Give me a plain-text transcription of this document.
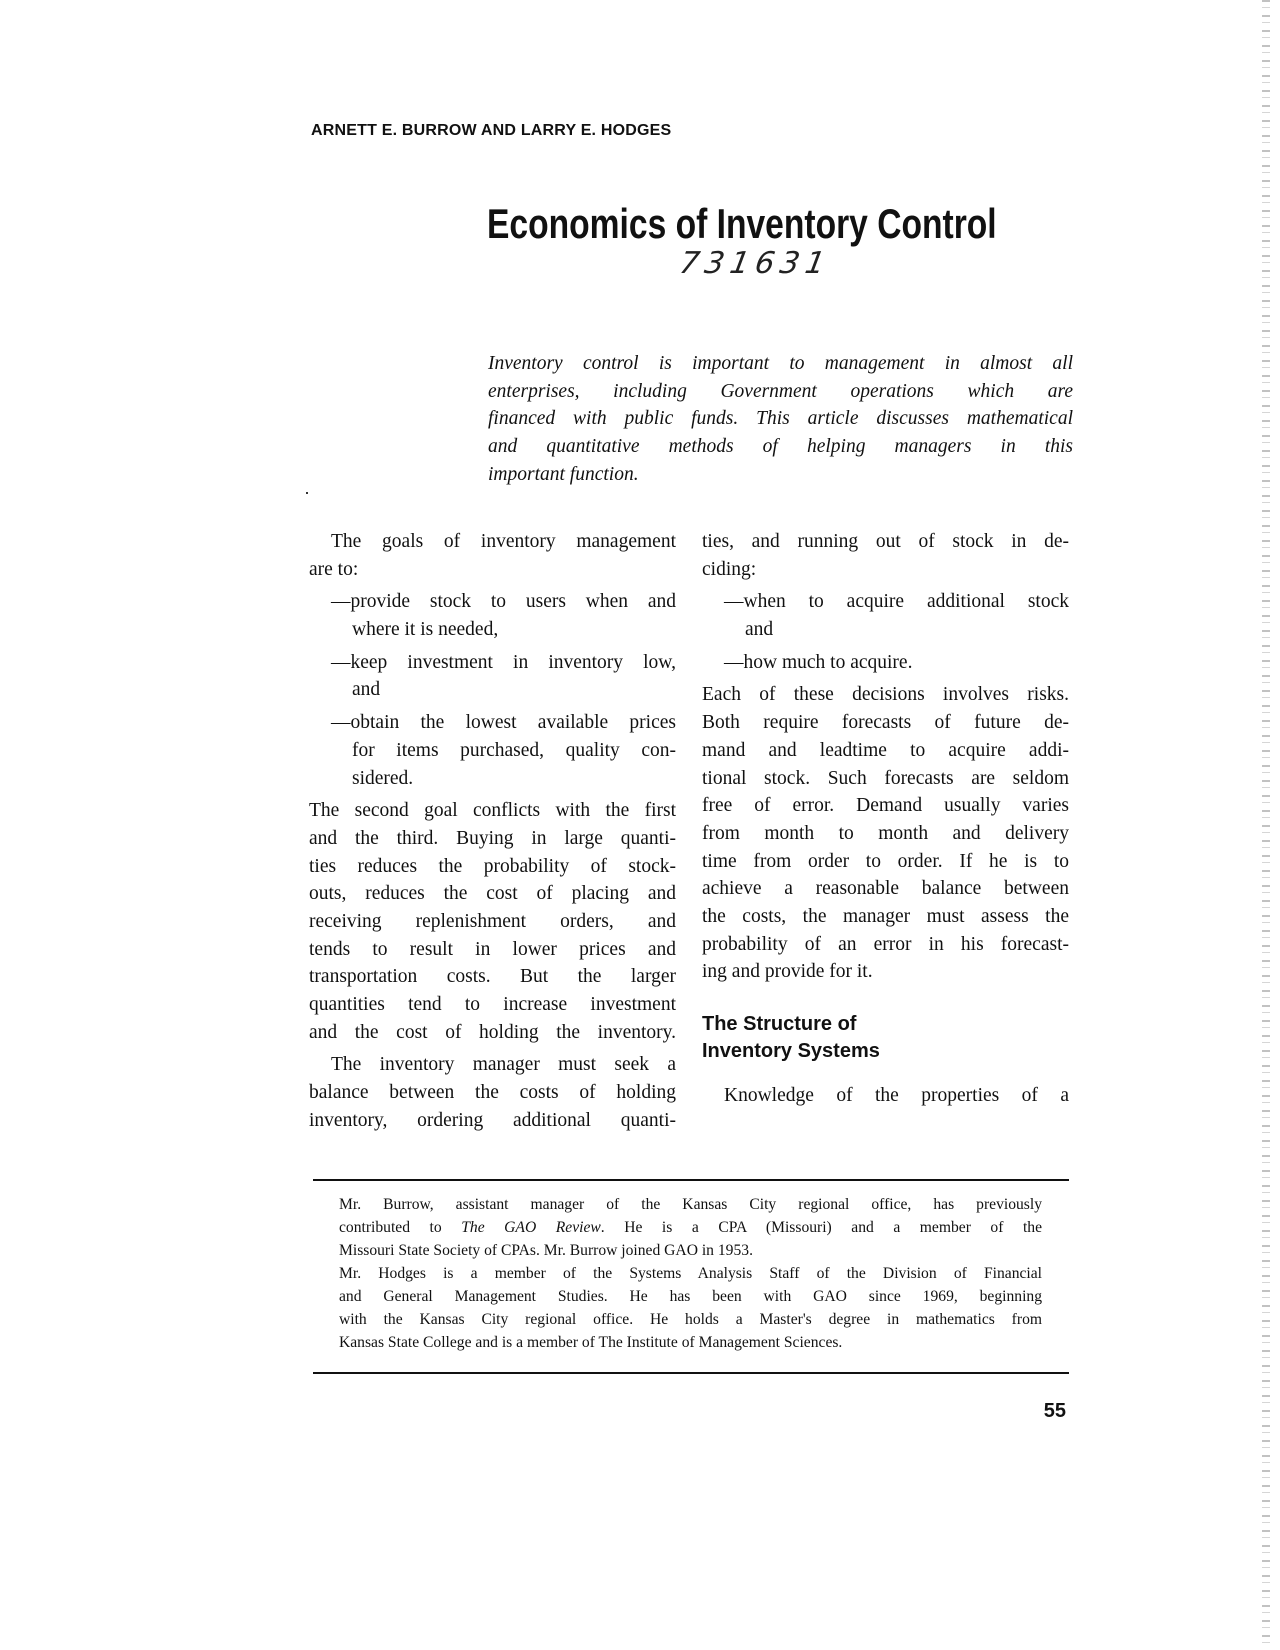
ARNETT E. BURROW AND LARRY E. HODGES
Economics of Inventory Control
731631
Inventory control is important to management in almost all
enterprises, including Government operations which are
financed with public funds. This article discusses mathematical
and quantitative methods of helping managers in this
important function.
The goals of inventory management
are to:
—provide stock to users when and
where it is needed,
—keep investment in inventory low,
and
—obtain the lowest available prices
for items purchased, quality con-
sidered.
The second goal conflicts with the first
and the third. Buying in large quanti-
ties reduces the probability of stock-
outs, reduces the cost of placing and
receiving replenishment orders, and
tends to result in lower prices and
transportation costs. But the larger
quantities tend to increase investment
and the cost of holding the inventory.
The inventory manager must seek a
balance between the costs of holding
inventory, ordering additional quanti-
ties, and running out of stock in de-
ciding:
—when to acquire additional stock
and
—how much to acquire.
Each of these decisions involves risks.
Both require forecasts of future de-
mand and leadtime to acquire addi-
tional stock. Such forecasts are seldom
free of error. Demand usually varies
from month to month and delivery
time from order to order. If he is to
achieve a reasonable balance between
the costs, the manager must assess the
probability of an error in his forecast-
ing and provide for it.
The Structure of
Inventory Systems
Knowledge of the properties of a
Mr. Burrow, assistant manager of the Kansas City regional office, has previously
contributed to The GAO Review. He is a CPA (Missouri) and a member of the
Missouri State Society of CPAs. Mr. Burrow joined GAO in 1953.
Mr. Hodges is a member of the Systems Analysis Staff of the Division of Financial
and General Management Studies. He has been with GAO since 1969, beginning
with the Kansas City regional office. He holds a Master's degree in mathematics from
Kansas State College and is a member of The Institute of Management Sciences.
55
